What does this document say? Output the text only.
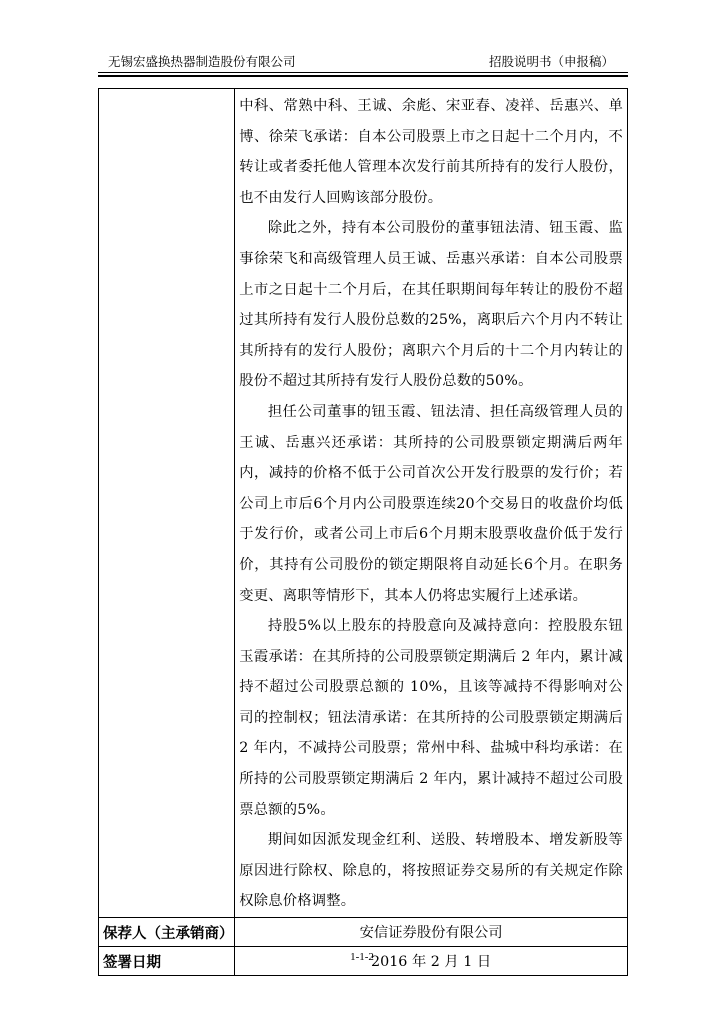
无锡宏盛换热器制造股份有限公司	招股说明书（申报稿）

	中科、常熟中科、王诚、余彪、宋亚春、凌祥、岳惠兴、单博、徐荣飞承诺：自本公司股票上市之日起十二个月内，不转让或者委托他人管理本次发行前其所持有的发行人股份，也不由发行人回购该部分股份。

除此之外，持有本公司股份的董事钮法清、钮玉霞、监事徐荣飞和高级管理人员王诚、岳惠兴承诺：自本公司股票上市之日起十二个月后，在其任职期间每年转让的股份不超过其所持有发行人股份总数的25%，离职后六个月内不转让其所持有的发行人股份；离职六个月后的十二个月内转让的股份不超过其所持有发行人股份总数的50%。

担任公司董事的钮玉霞、钮法清、担任高级管理人员的王诚、岳惠兴还承诺：其所持的公司股票锁定期满后两年内，减持的价格不低于公司首次公开发行股票的发行价；若公司上市后6个月内公司股票连续20个交易日的收盘价均低于发行价，或者公司上市后6个月期末股票收盘价低于发行价，其持有公司股份的锁定期限将自动延长6个月。在职务变更、离职等情形下，其本人仍将忠实履行上述承诺。

持股5%以上股东的持股意向及减持意向：控股股东钮玉霞承诺：在其所持的公司股票锁定期满后 2 年内，累计减持不超过公司股票总额的 10%，且该等减持不得影响对公司的控制权；钮法清承诺：在其所持的公司股票锁定期满后 2 年内，不减持公司股票；常州中科、盐城中科均承诺：在所持的公司股票锁定期满后 2 年内，累计减持不超过公司股票总额的5%。

期间如因派发现金红利、送股、转增股本、增发新股等原因进行除权、除息的，将按照证券交易所的有关规定作除权除息价格调整。

保荐人（主承销商）	安信证券股份有限公司
签署日期	2016 年 2 月 1 日
1-1-2
